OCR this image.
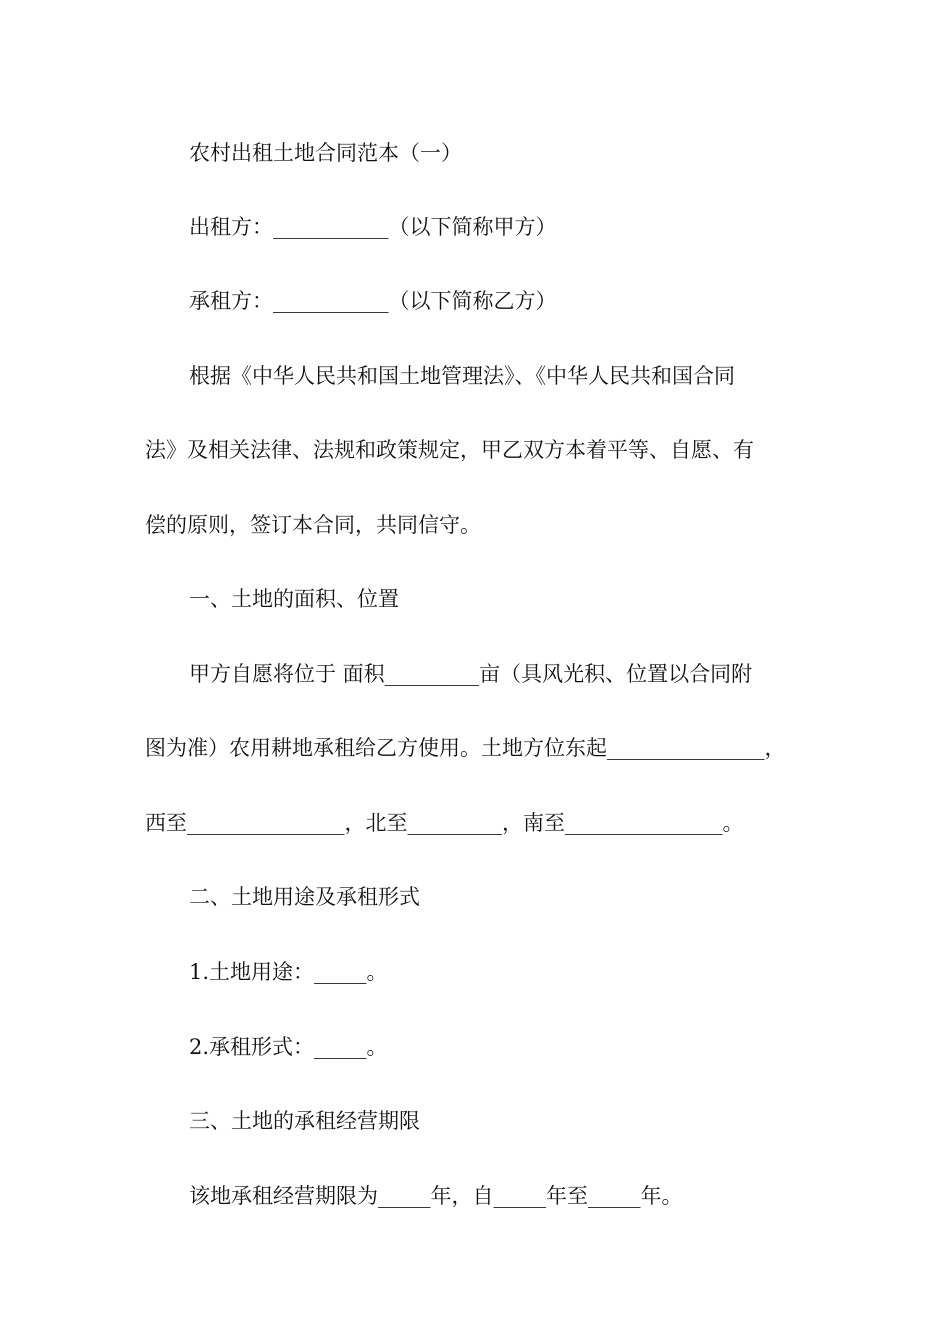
农村出租土地合同范本（一）
出租方：___________（以下简称甲方）
承租方：___________（以下简称乙方）
根据《中华人民共和国土地管理法》、《中华人民共和国合同
法》及相关法律、法规和政策规定，甲乙双方本着平等、自愿、有
偿的原则，签订本合同，共同信守。
一、土地的面积、位置
甲方自愿将位于 面积_________亩（具风光积、位置以合同附
图为准）农用耕地承租给乙方使用。土地方位东起_______________，
西至_______________，北至_________，南至_______________。
二、土地用途及承租形式
1.土地用途：_____。
2.承租形式：_____。
三、土地的承租经营期限
该地承租经营期限为_____年，自_____年至_____年。
